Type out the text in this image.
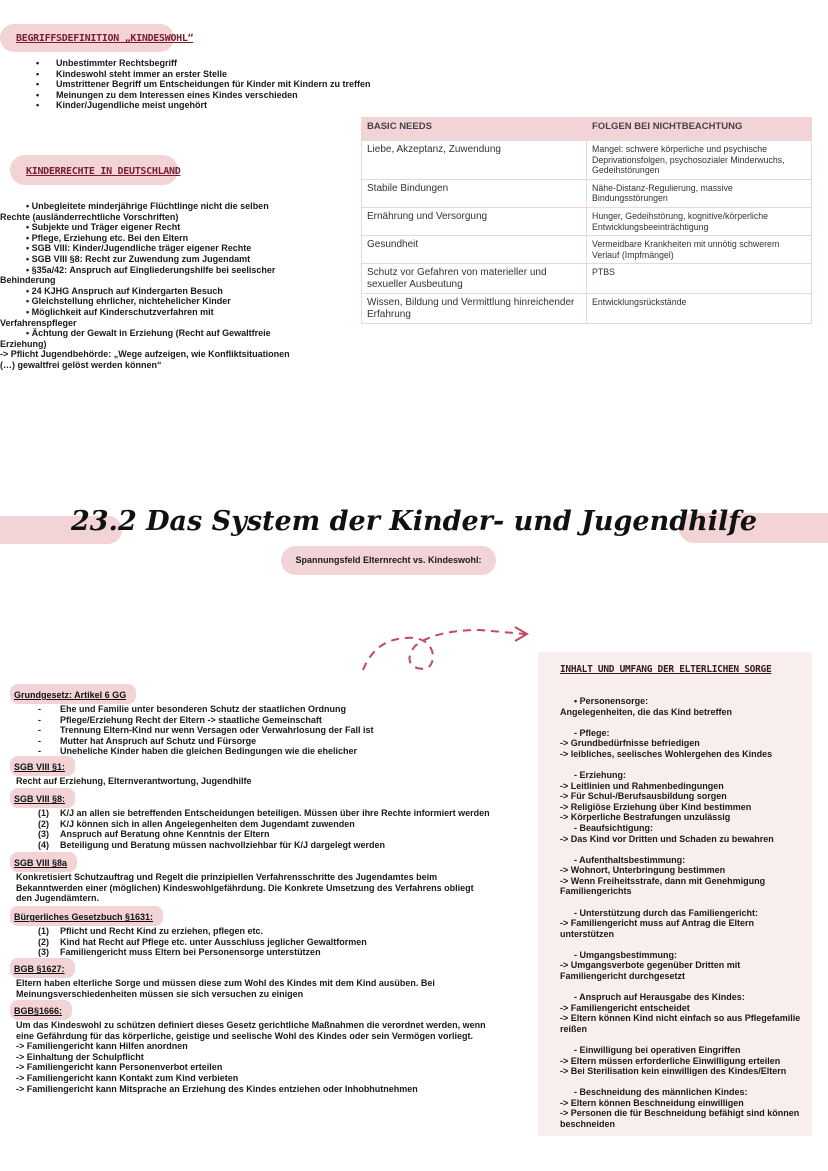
BEGRIFFSDEFINITION „KINDESWOHL“
• Unbestimmter Rechtsbegriff
• Kindeswohl steht immer an erster Stelle
• Umstrittener Begriff um Entscheidungen für Kinder mit Kindern zu treffen
• Meinungen zu dem Interessen eines Kindes verschieden
• Kinder/Jugendliche meist ungehört
KINDERRECHTE IN DEUTSCHLAND
• Unbegleitete minderjährige Flüchtlinge nicht die selben
Rechte (ausländerrechtliche Vorschriften)
• Subjekte und Träger eigener Recht
• Pflege, Erziehung etc. Bei den Eltern
• SGB VIII: Kinder/Jugendliche träger eigener Rechte
• SGB VIII §8: Recht zur Zuwendung zum Jugendamt
• §35a/42: Anspruch auf Eingliederungshilfe bei seelischer
Behinderung
• 24 KJHG Anspruch auf Kindergarten Besuch
• Gleichstellung ehrlicher, nichtehelicher Kinder
• Möglichkeit auf Kinderschutzverfahren mit
Verfahrenspfleger
• Ächtung der Gewalt in Erziehung (Recht auf Gewaltfreie
Erziehung)
-> Pflicht Jugendbehörde: „Wege aufzeigen, wie Konfliktsituationen
(…) gewaltfrei gelöst werden können“
BASIC NEEDS	FOLGEN BEI NICHTBEACHTUNG
Liebe, Akzeptanz, Zuwendung	Mangel: schwere körperliche und psychische Deprivationsfolgen, psychosozialer Minderwuchs, Gedeihstörungen
Stabile Bindungen	Nähe-Distanz-Regulierung, massive Bindungsstörungen
Ernährung und Versorgung	Hunger, Gedeihstörung, kognitive/körperliche Entwicklungsbeeinträchtigung
Gesundheit	Vermeidbare Krankheiten mit unnötig schwerem Verlauf (Impfmängel)
Schutz vor Gefahren von materieller und sexueller Ausbeutung	PTBS
Wissen, Bildung und Vermittlung hinreichender Erfahrung	Entwicklungsrückstände
23.2 Das System der Kinder- und Jugendhilfe
Spannungsfeld Elternrecht vs. Kindeswohl:
Grundgesetz: Artikel 6 GG
- Ehe und Familie unter besonderen Schutz der staatlichen Ordnung
- Pflege/Erziehung Recht der Eltern -> staatliche Gemeinschaft
- Trennung Eltern-Kind nur wenn Versagen oder Verwahrlosung der Fall ist
- Mutter hat Anspruch auf Schutz und Fürsorge
- Uneheliche Kinder haben die gleichen Bedingungen wie die ehelicher
SGB VIII §1:
Recht auf Erziehung, Elternverantwortung, Jugendhilfe
SGB VIII §8:
(1) K/J an allen sie betreffenden Entscheidungen beteiligen. Müssen über ihre Rechte informiert werden
(2) K/J können sich in allen Angelegenheiten dem Jugendamt zuwenden
(3) Anspruch auf Beratung ohne Kenntnis der Eltern
(4) Beteiligung und Beratung müssen nachvollziehbar für K/J dargelegt werden
SGB VIII §8a
Konkretisiert Schutzauftrag und Regelt die prinzipiellen Verfahrensschritte des Jugendamtes beim
Bekanntwerden einer (möglichen) Kindeswohlgefährdung. Die Konkrete Umsetzung des Verfahrens obliegt
den Jugendämtern.
Bürgerliches Gesetzbuch §1631:
(1) Pflicht und Recht Kind zu erziehen, pflegen etc.
(2) Kind hat Recht auf Pflege etc. unter Ausschluss jeglicher Gewaltformen
(3) Familiengericht muss Eltern bei Personensorge unterstützen
BGB §1627:
Eltern haben elterliche Sorge und müssen diese zum Wohl des Kindes mit dem Kind ausüben. Bei
Meinungsverschiedenheiten müssen sie sich versuchen zu einigen
BGB§1666:
Um das Kindeswohl zu schützen definiert dieses Gesetz gerichtliche Maßnahmen die verordnet werden, wenn
eine Gefährdung für das körperliche, geistige und seelische Wohl des Kindes oder sein Vermögen vorliegt.
-> Familiengericht kann Hilfen anordnen
-> Einhaltung der Schulpflicht
-> Familiengericht kann Personenverbot erteilen
-> Familiengericht kann Kontakt zum Kind verbieten
-> Familiengericht kann Mitsprache an Erziehung des Kindes entziehen oder Inhobhutnehmen
INHALT UND UMFANG DER ELTERLICHEN SORGE
• Personensorge:
Angelegenheiten, die das Kind betreffen
- Pflege:
-> Grundbedürfnisse befriedigen
-> leibliches, seelisches Wohlergehen des Kindes
- Erziehung:
-> Leitlinien und Rahmenbedingungen
-> Für Schul-/Berufsausbildung sorgen
-> Religiöse Erziehung über Kind bestimmen
-> Körperliche Bestrafungen unzulässig
- Beaufsichtigung:
-> Das Kind vor Dritten und Schaden zu bewahren
- Aufenthaltsbestimmung:
-> Wohnort, Unterbringung bestimmen
-> Wenn Freiheitsstrafe, dann mit Genehmigung
Familiengerichts
- Unterstützung durch das Familiengericht:
-> Familiengericht muss auf Antrag die Eltern
unterstützen
- Umgangsbestimmung:
-> Umgangsverbote gegenüber Dritten mit
Familiengericht durchgesetzt
- Anspruch auf Herausgabe des Kindes:
-> Familiengericht entscheidet
-> Eltern können Kind nicht einfach so aus Pflegefamilie
reißen
- Einwilligung bei operativen Eingriffen
-> Eltern müssen erforderliche Einwilligung erteilen
-> Bei Sterilisation kein einwilligen des Kindes/Eltern
- Beschneidung des männlichen Kindes:
-> Eltern können Beschneidung einwilligen
-> Personen die für Beschneidung befähigt sind können
beschneiden
